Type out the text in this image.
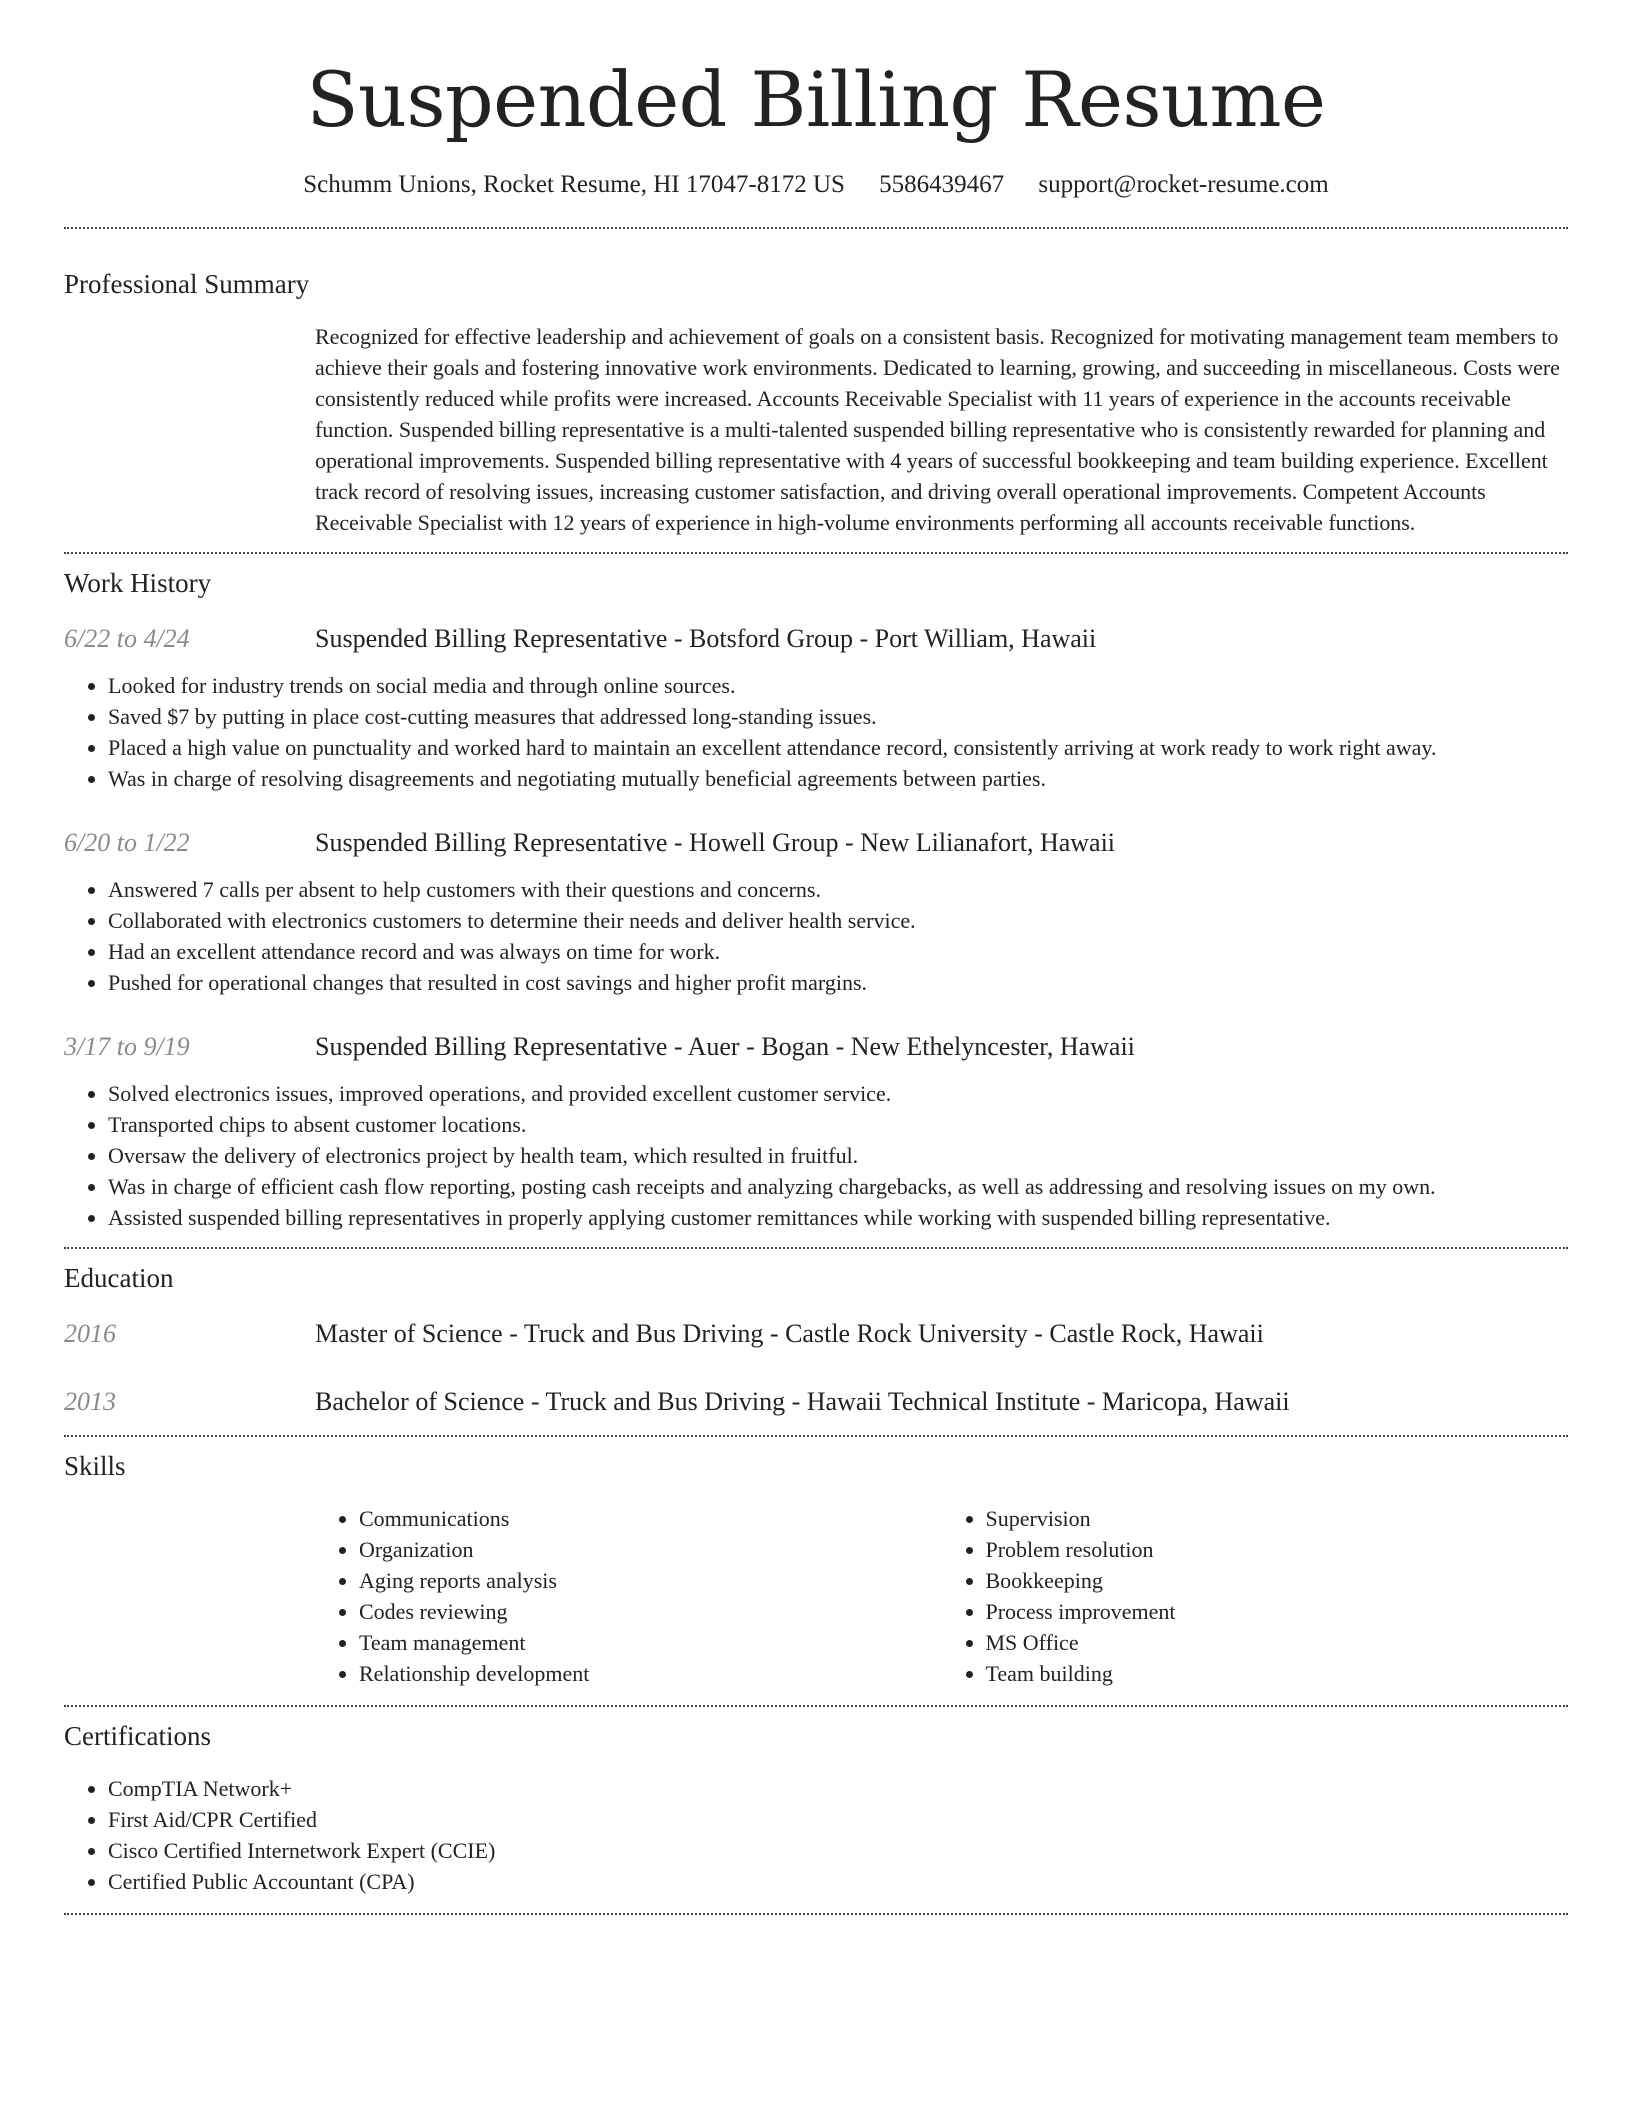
Suspended Billing Resume
Schumm Unions, Rocket Resume, HI 17047-8172 US 5586439467 support@rocket-resume.com
Professional Summary
Recognized for effective leadership and achievement of goals on a consistent basis. Recognized for motivating management team members to achieve their goals and fostering innovative work environments. Dedicated to learning, growing, and succeeding in miscellaneous. Costs were consistently reduced while profits were increased. Accounts Receivable Specialist with 11 years of experience in the accounts receivable function. Suspended billing representative is a multi-talented suspended billing representative who is consistently rewarded for planning and operational improvements. Suspended billing representative with 4 years of successful bookkeeping and team building experience. Excellent track record of resolving issues, increasing customer satisfaction, and driving overall operational improvements. Competent Accounts Receivable Specialist with 12 years of experience in high-volume environments performing all accounts receivable functions.
Work History
6/22 to 4/24	Suspended Billing Representative - Botsford Group - Port William, Hawaii
• Looked for industry trends on social media and through online sources.
• Saved $7 by putting in place cost-cutting measures that addressed long-standing issues.
• Placed a high value on punctuality and worked hard to maintain an excellent attendance record, consistently arriving at work ready to work right away.
• Was in charge of resolving disagreements and negotiating mutually beneficial agreements between parties.
6/20 to 1/22	Suspended Billing Representative - Howell Group - New Lilianafort, Hawaii
• Answered 7 calls per absent to help customers with their questions and concerns.
• Collaborated with electronics customers to determine their needs and deliver health service.
• Had an excellent attendance record and was always on time for work.
• Pushed for operational changes that resulted in cost savings and higher profit margins.
3/17 to 9/19	Suspended Billing Representative - Auer - Bogan - New Ethelyncester, Hawaii
• Solved electronics issues, improved operations, and provided excellent customer service.
• Transported chips to absent customer locations.
• Oversaw the delivery of electronics project by health team, which resulted in fruitful.
• Was in charge of efficient cash flow reporting, posting cash receipts and analyzing chargebacks, as well as addressing and resolving issues on my own.
• Assisted suspended billing representatives in properly applying customer remittances while working with suspended billing representative.
Education
2016	Master of Science - Truck and Bus Driving - Castle Rock University - Castle Rock, Hawaii
2013	Bachelor of Science - Truck and Bus Driving - Hawaii Technical Institute - Maricopa, Hawaii
Skills
• Communications
• Organization
• Aging reports analysis
• Codes reviewing
• Team management
• Relationship development
• Supervision
• Problem resolution
• Bookkeeping
• Process improvement
• MS Office
• Team building
Certifications
• CompTIA Network+
• First Aid/CPR Certified
• Cisco Certified Internetwork Expert (CCIE)
• Certified Public Accountant (CPA)
